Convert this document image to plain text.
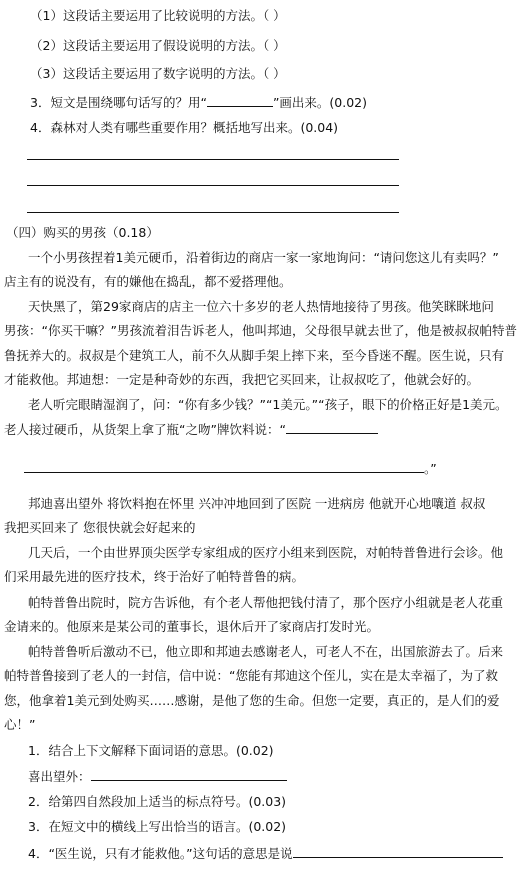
（1）这段话主要运用了比较说明的方法。（ ）
（2）这段话主要运用了假设说明的方法。（ ）
（3）这段话主要运用了数字说明的方法。（ ）
3．短文是围绕哪句话写的？用“	”画出来。(0.02)
4．森林对人类有哪些重要作用？概括地写出来。(0.04)
（四）购买的男孩（0.18）
一个小男孩捏着1美元硬币，沿着街边的商店一家一家地询问：“请问您这儿有卖吗？”
店主有的说没有，有的嫌他在捣乱，都不爱搭理他。
天快黑了，第29家商店的店主一位六十多岁的老人热情地接待了男孩。他笑眯眯地问
男孩：“你买干嘛？”男孩流着泪告诉老人，他叫邦迪，父母很早就去世了，他是被叔叔帕特普
鲁抚养大的。叔叔是个建筑工人，前不久从脚手架上摔下来，至今昏迷不醒。医生说，只有
才能救他。邦迪想：一定是种奇妙的东西，我把它买回来，让叔叔吃了，他就会好的。
老人听完眼睛湿润了，问：“你有多少钱？”“1美元。”“孩子，眼下的价格正好是1美元。
老人接过硬币，从货架上拿了瓶“之吻”牌饮料说：“
。”
邦迪喜出望外 将饮料抱在怀里 兴冲冲地回到了医院 一进病房 他就开心地嚷道 叔叔
我把买回来了 您很快就会好起来的
几天后，一个由世界顶尖医学专家组成的医疗小组来到医院，对帕特普鲁进行会诊。他
们采用最先进的医疗技术，终于治好了帕特普鲁的病。
帕特普鲁出院时，院方告诉他，有个老人帮他把钱付清了，那个医疗小组就是老人花重
金请来的。他原来是某公司的董事长，退休后开了家商店打发时光。
帕特普鲁听后激动不已，他立即和邦迪去感谢老人，可老人不在，出国旅游去了。后来
帕特普鲁接到了老人的一封信，信中说：“您能有邦迪这个侄儿，实在是太幸福了，为了救
您，他拿着1美元到处购买……感谢，是他了您的生命。但您一定要，真正的，是人们的爱
心！”
1．结合上下文解释下面词语的意思。(0.02)
喜出望外：
2．给第四自然段加上适当的标点符号。(0.03)
3．在短文中的横线上写出恰当的语言。(0.02)
4．“医生说，只有才能救他。”这句话的意思是说
